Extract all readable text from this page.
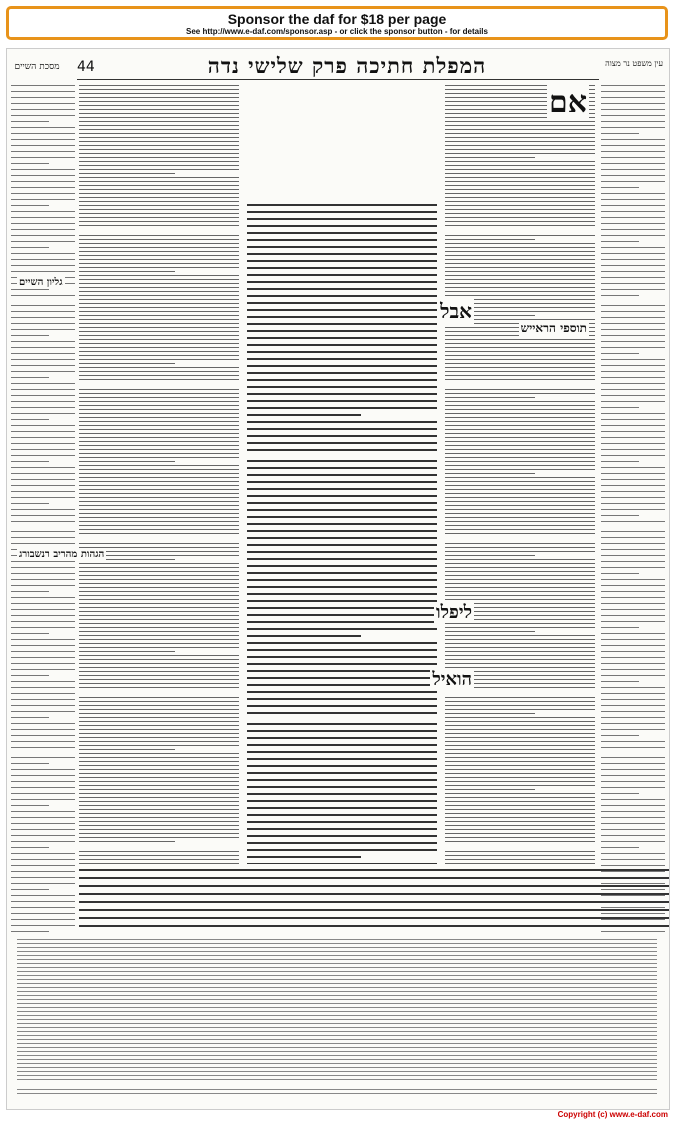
Sponsor the daf for $18 per page
See http://www.e-daf.com/sponsor.asp - or click the sponsor button - for details
מסכת השיים	44	המפלת חתיכה פרק שלישי נדה	עין משפט נר מצוה
אם
אבל
ליפלו
הואיל
תוספי הראייש
גליון השיים
הגהות מהריב רנשבורג
Copyright (c) www.e-daf.com
